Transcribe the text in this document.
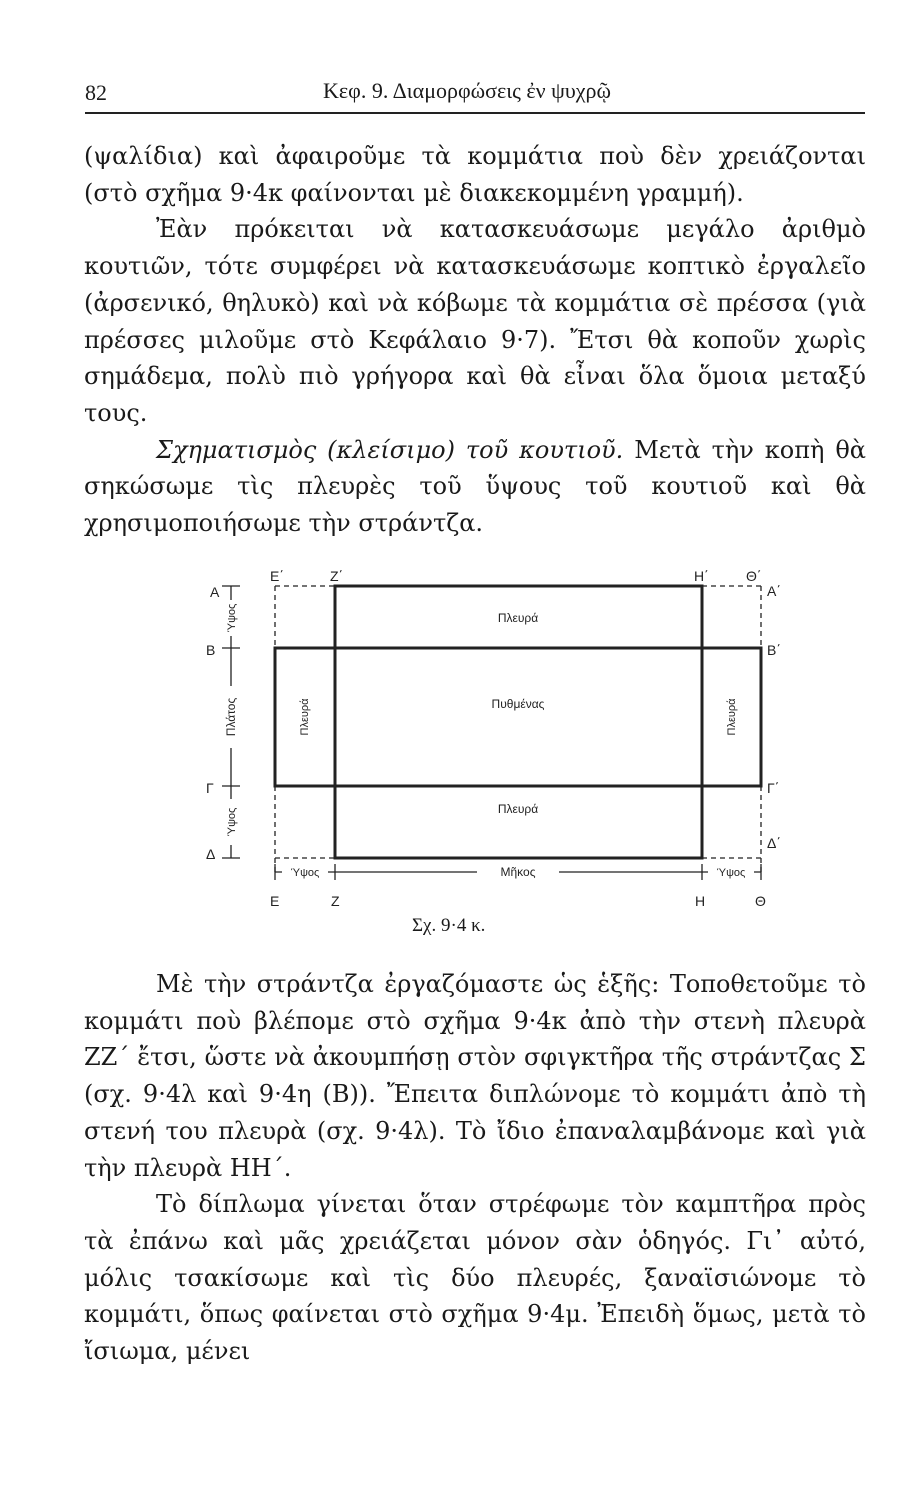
82	Κεφ. 9. Διαμορφώσεις ἐν ψυχρῷ

(ψαλίδια) καὶ ἀφαιροῦμε τὰ κομμάτια ποὺ δὲν χρειάζονται (στὸ σχῆμα 9·4κ φαίνονται μὲ διακεκομμένη γραμμή).

Ἐὰν πρόκειται νὰ κατασκευάσωμε μεγάλο ἀριθμὸ κουτιῶν, τότε συμφέρει νὰ κατασκευάσωμε κοπτικὸ ἐργαλεῖο (ἀρσενικό, θηλυκὸ) καὶ νὰ κόβωμε τὰ κομμάτια σὲ πρέσσα (γιὰ πρέσσες μιλοῦμε στὸ Κεφάλαιο 9·7). Ἔτσι θὰ κοποῦν χωρὶς σημάδεμα, πολὺ πιὸ γρήγορα καὶ θὰ εἶναι ὅλα ὅμοια μεταξύ τους.

Σχηματισμὸς (κλείσιμο) τοῦ κουτιοῦ. Μετὰ τὴν κοπὴ θὰ σηκώσωμε τὶς πλευρὲς τοῦ ὕψους τοῦ κουτιοῦ καὶ θὰ χρησιμοποιήσωμε τὴν στράντζα.

Α
Β
Γ
Δ
Ε΄	Ζ΄	Η΄	Θ΄
Α΄
Β΄
Γ΄
Δ΄
Ε	Ζ	Η	Θ
Πλευρά
Πυθμένας
Πλευρά
Πλευρά	Πλευρά
Ύψος
Πλάτος
Ύψος
Ύψος	Μῆκος	Ύψος
Σχ. 9·4 κ.

Μὲ τὴν στράντζα ἐργαζόμαστε ὡς ἑξῆς: Τοποθετοῦμε τὸ κομμάτι ποὺ βλέπομε στὸ σχῆμα 9·4κ ἀπὸ τὴν στενὴ πλευρὰ ΖΖ΄ ἔτσι, ὥστε νὰ ἀκουμπήσῃ στὸν σφιγκτῆρα τῆς στράντζας Σ (σχ. 9·4λ καὶ 9·4η (Β)). Ἔπειτα διπλώνομε τὸ κομμάτι ἀπὸ τὴ στενή του πλευρὰ (σχ. 9·4λ). Τὸ ἴδιο ἐπαναλαμβάνομε καὶ γιὰ τὴν πλευρὰ ΗΗ΄.

Τὸ δίπλωμα γίνεται ὅταν στρέφωμε τὸν καμπτῆρα πρὸς τὰ ἐπάνω καὶ μᾶς χρειάζεται μόνον σὰν ὁδηγός. Γι᾿ αὐτό, μόλις τσακίσωμε καὶ τὶς δύο πλευρές, ξαναϊσιώνομε τὸ κομμάτι, ὅπως φαίνεται στὸ σχῆμα 9·4μ. Ἐπειδὴ ὅμως, μετὰ τὸ ἴσιωμα, μένει
